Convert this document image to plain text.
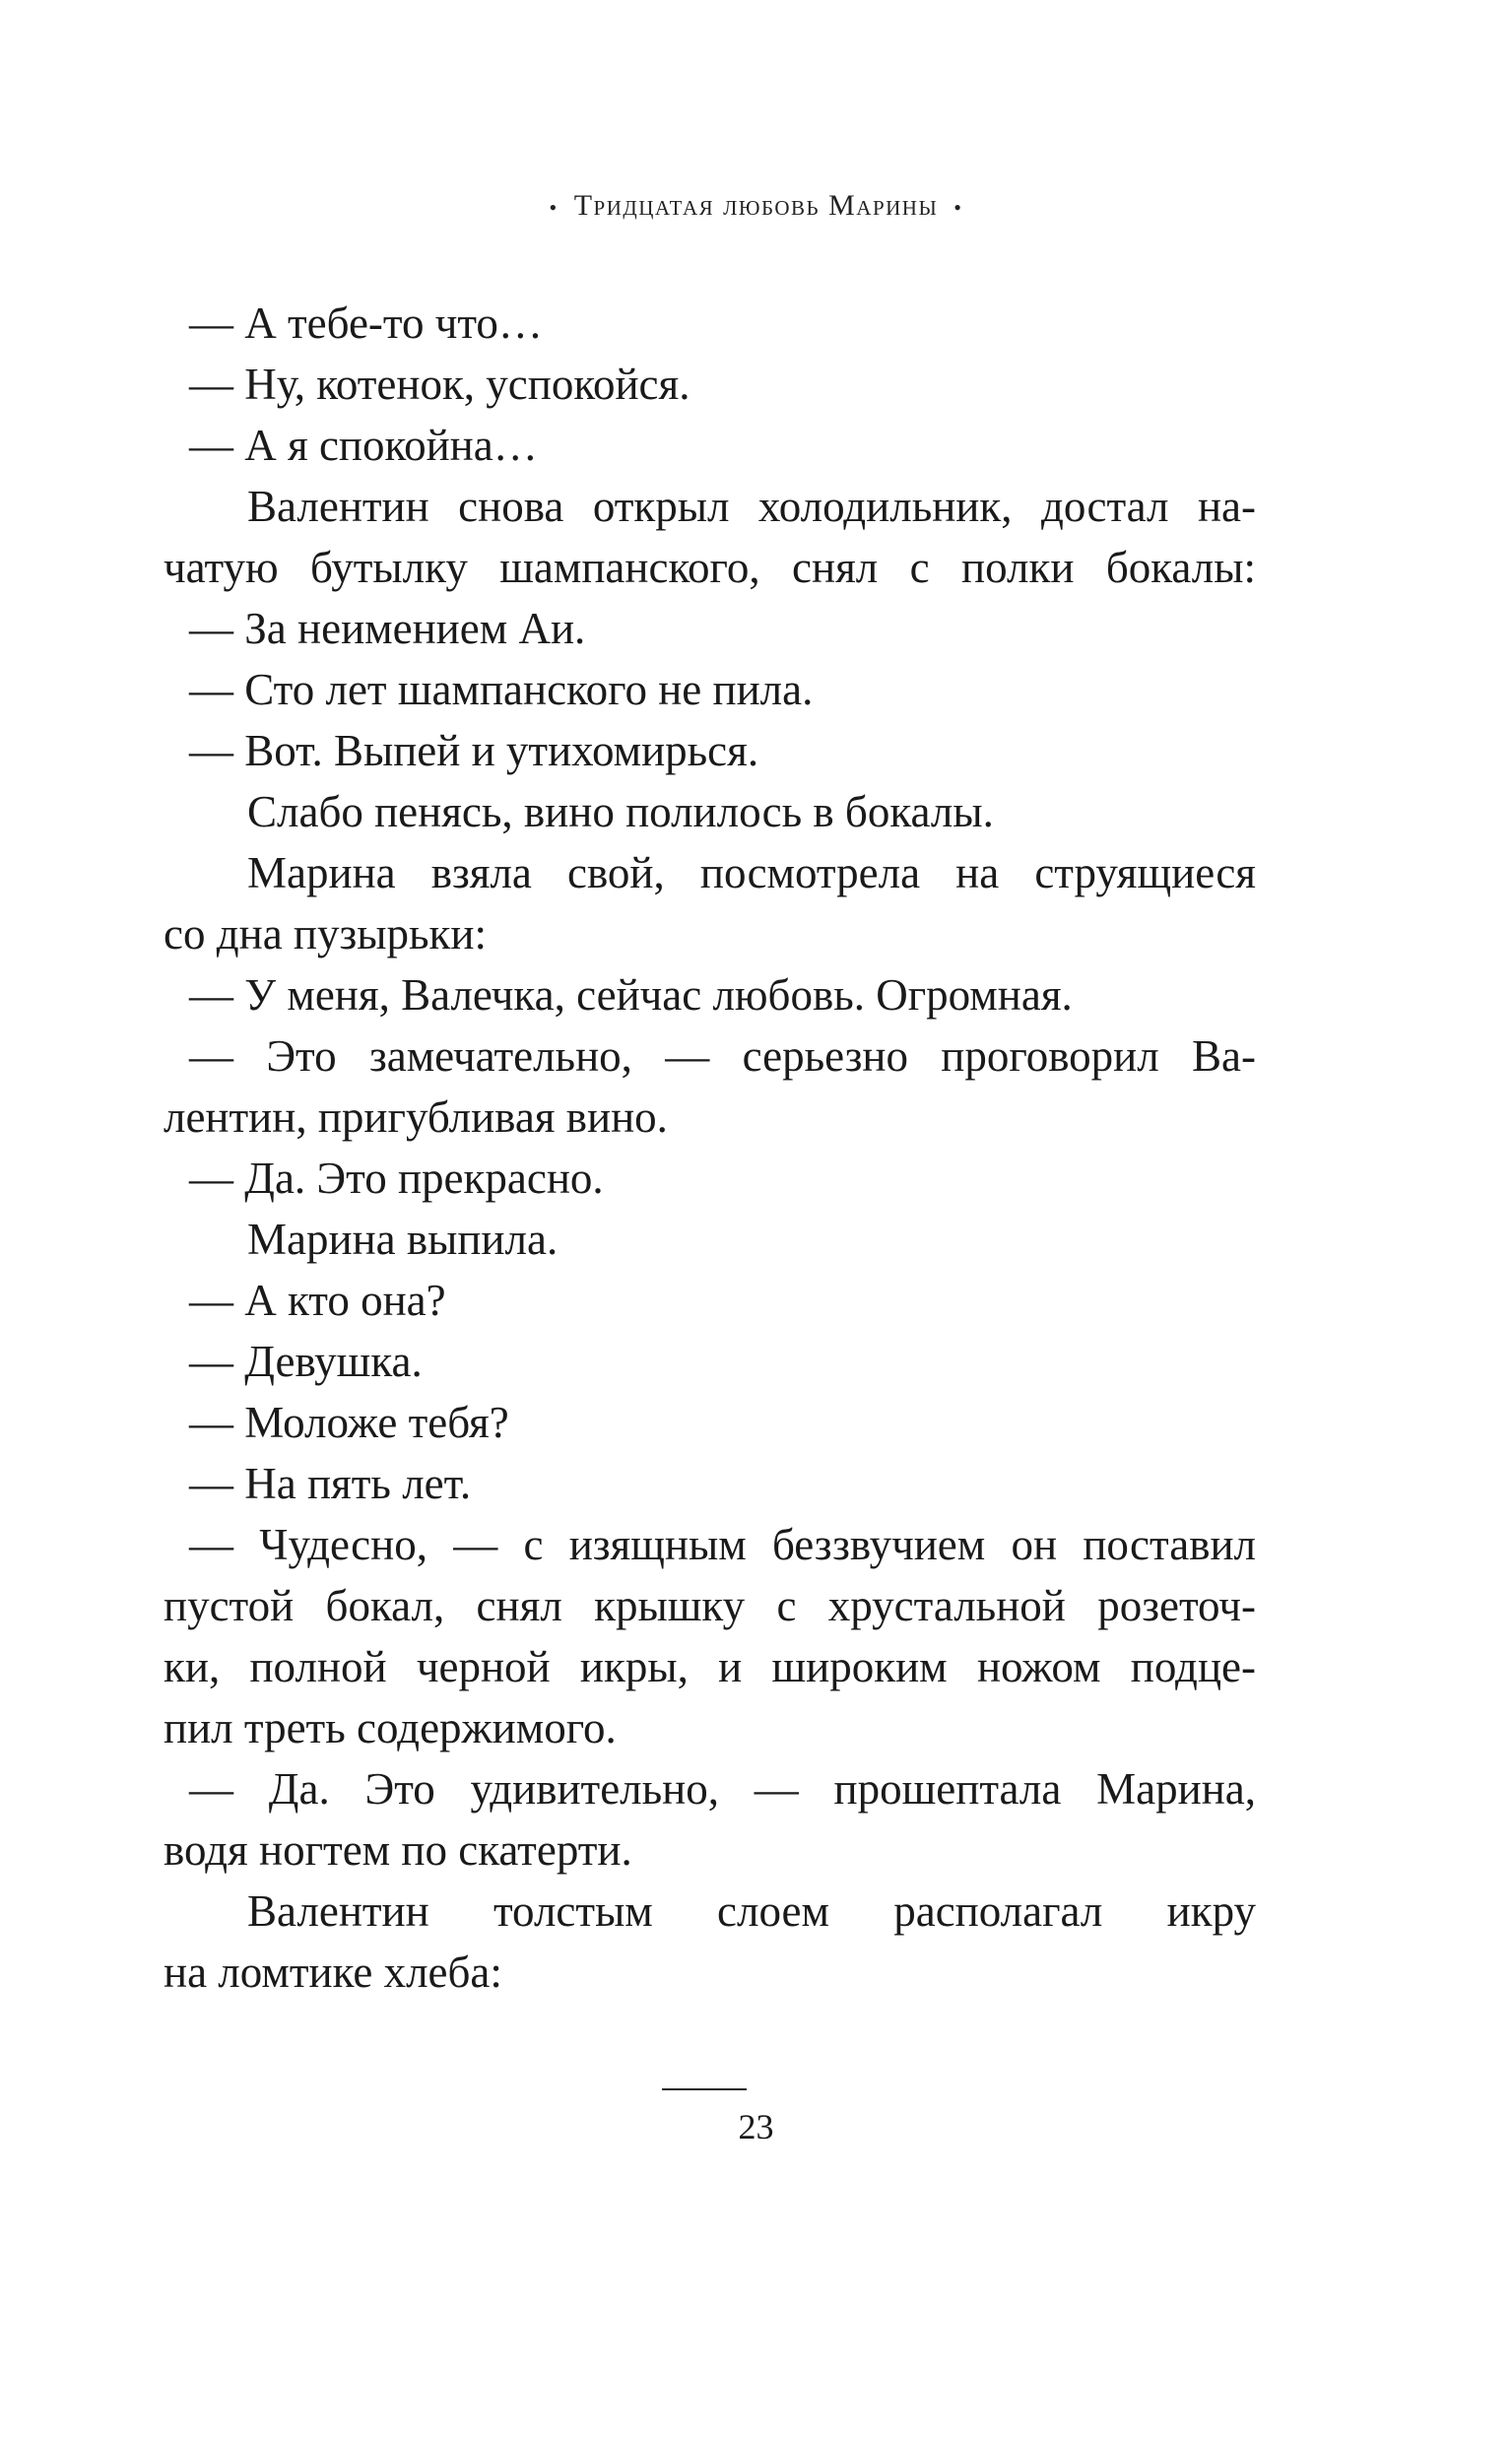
• Тридцатая любовь Марины •
— А тебе-то что…
— Ну, котенок, успокойся.
— А я спокойна…
Валентин снова открыл холодильник, достал на-
чатую бутылку шампанского, снял с полки бокалы:
— За неимением Аи.
— Сто лет шампанского не пила.
— Вот. Выпей и утихомирься.
Слабо пенясь, вино полилось в бокалы.
Марина взяла свой, посмотрела на струящиеся
со дна пузырьки:
— У меня, Валечка, сейчас любовь. Огромная.
— Это замечательно, — серьезно проговорил Ва-
лентин, пригубливая вино.
— Да. Это прекрасно.
Марина выпила.
— А кто она?
— Девушка.
— Моложе тебя?
— На пять лет.
— Чудесно, — с изящным беззвучием он поставил
пустой бокал, снял крышку с хрустальной розеточ-
ки, полной черной икры, и широким ножом подце-
пил треть содержимого.
— Да. Это удивительно, — прошептала Марина,
водя ногтем по скатерти.
Валентин толстым слоем располагал икру
на ломтике хлеба:
23
